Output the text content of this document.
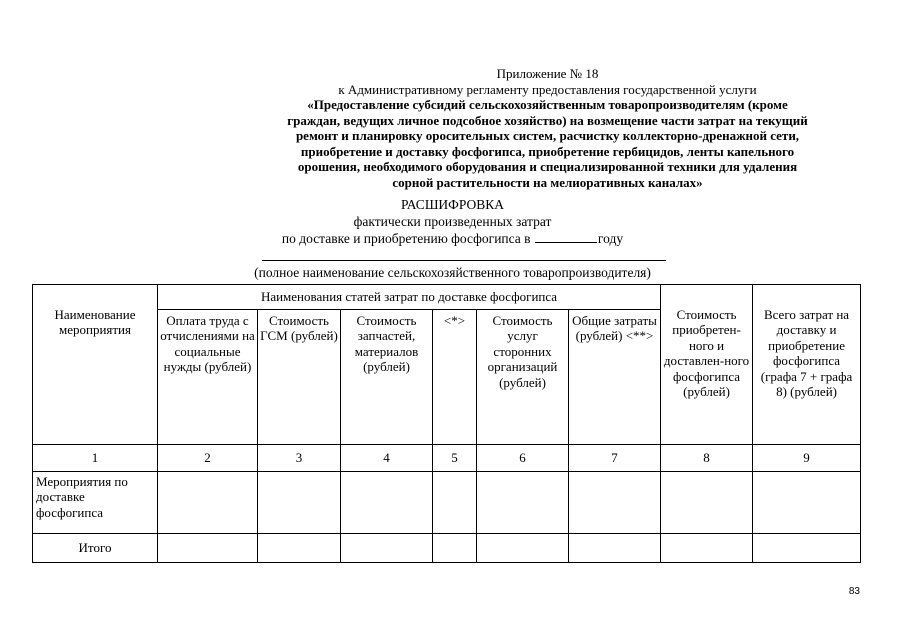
Приложение № 18
к Административному регламенту предоставления государственной услуги
«Предоставление субсидий сельскохозяйственным товаропроизводителям (кроме
граждан, ведущих личное подсобное хозяйство) на возмещение части затрат на текущий
ремонт и планировку оросительных систем, расчистку коллекторно-дренажной сети,
приобретение и доставку фосфогипса, приобретение гербицидов, ленты капельного
орошения, необходимого оборудования и специализированной техники для удаления
сорной растительности на мелиоративных каналах»
РАСШИФРОВКА
фактически произведенных затрат
по доставке и приобретению фосфогипса в	году
(полное наименование сельскохозяйственного товаропроизводителя)
Наименование мероприятия	Наименования статей затрат по доставке фосфогипса						Стоимость приобретен-ного и доставлен-ного фосфогипса (рублей)	Всего затрат на доставку и приобретение фосфогипса (графа 7 + графа 8) (рублей)
	Оплата труда с отчислениями на социальные нужды (рублей)	Стоимость ГСМ (рублей)	Стоимость запчастей, материалов (рублей)	<*>	Стоимость услуг сторонних организаций (рублей)	Общие затраты (рублей) <**>		
1	2	3	4	5	6	7	8	9
Мероприятия по доставке фосфогипса								
Итого								
83
